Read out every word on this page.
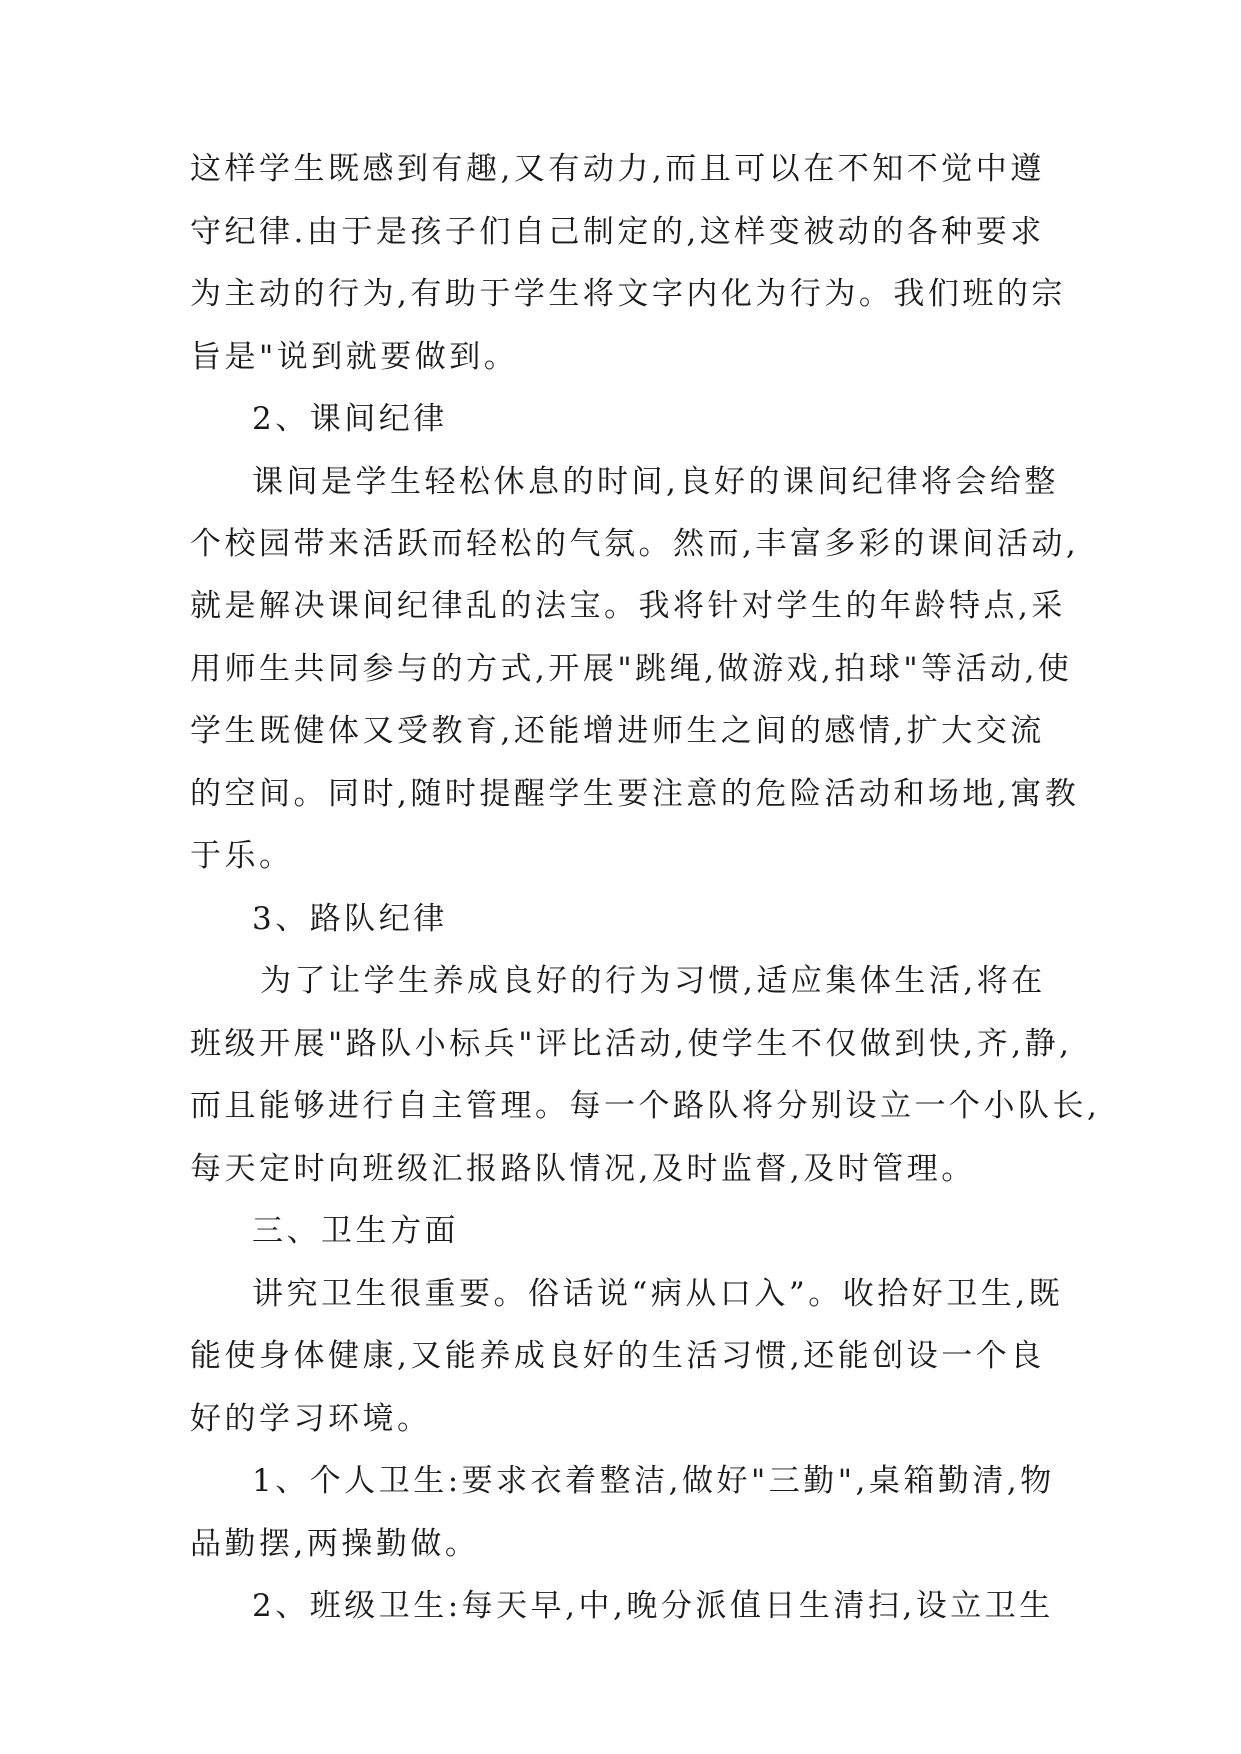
这样学生既感到有趣,又有动力,而且可以在不知不觉中遵
守纪律.由于是孩子们自己制定的,这样变被动的各种要求
为主动的行为,有助于学生将文字内化为行为。我们班的宗
旨是"说到就要做到。
2、课间纪律
课间是学生轻松休息的时间,良好的课间纪律将会给整
个校园带来活跃而轻松的气氛。然而,丰富多彩的课间活动,
就是解决课间纪律乱的法宝。我将针对学生的年龄特点,采
用师生共同参与的方式,开展"跳绳,做游戏,拍球"等活动,使
学生既健体又受教育,还能增进师生之间的感情,扩大交流
的空间。同时,随时提醒学生要注意的危险活动和场地,寓教
于乐。
3、路队纪律
为了让学生养成良好的行为习惯,适应集体生活,将在
班级开展"路队小标兵"评比活动,使学生不仅做到快,齐,静,
而且能够进行自主管理。每一个路队将分别设立一个小队长,
每天定时向班级汇报路队情况,及时监督,及时管理。
三、卫生方面
讲究卫生很重要。俗话说“病从口入”。收拾好卫生,既
能使身体健康,又能养成良好的生活习惯,还能创设一个良
好的学习环境。
1、个人卫生:要求衣着整洁,做好"三勤",桌箱勤清,物
品勤摆,两操勤做。
2、班级卫生:每天早,中,晚分派值日生清扫,设立卫生
